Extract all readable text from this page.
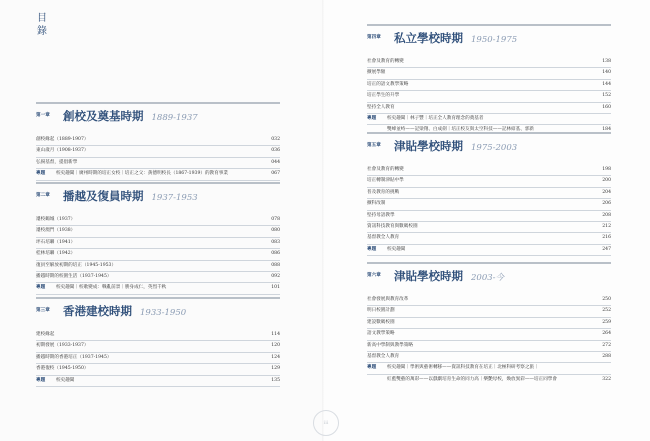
目錄
第一章 創校及奠基時期 1889-1937
創校緣起（1889-1907）	032
東山歲月（1908-1937）	036
弘揚基督，提倡新學	044
專題 校史趣聞｜廣州時期的培正女校｜培正之父：黃德明校長（1867-1939）的教育事業	067
第二章 播越及復員時期 1937-1953
遷校鶴城（1937）	078
遷校澳門（1938）	080
坪石培聯（1941）	083
桂林培聯（1942）	086
復員至解放初期的培正（1945-1953）	088
播越時期的校園生活（1937-1945）	092
專題 校史趣聞｜校歌變成：戰亂前景｜勝身成仁，英烈千秋	101
第三章 香港建校時期 1933-1950
建校緣起	114
初期發展（1933-1937）	120
播越時期的香港培正（1937-1945）	124
香港復校（1945-1950）	129
專題 校史趣聞	135
第四章 私立學校時期 1950-1975
社會及教育的轉變	138
擴展學額	140
培正的語文教學策略	144
培正學生的升學	152
堅持全人教育	160
專題 校史趣聞｜林子豐｜培正全人教育理念的奠基者
雙峰並峙——記梁翔、白成劍｜培正校友與太空科技——記林紹基、郭新	184
第五章 津貼學校時期 1975-2003
社會及教育的轉變	198
培正轉制津貼中學	200
普及教育的挑戰	204
擴科改制	206
堅持母語教學	208
資訊科技教育與數碼校園	212
基督教全人教育	216
專題 校史趣聞	247
第六章 津貼學校時期 2003-今
社會發展與教育改革	250
明日校園計劃	252
建設數碼校園	259
語文教學策略	264
新高中學制與教學策略	272
基督教全人教育	288
專題 校史趣聞｜學術與藝術轉移——資訊科技教育在培正｜北極科研考察之旅｜
紅藍雙藝的萬彩——以戲劇培育生命的同力高｜樂艷母校，煥放異彩——培正同學會	322
iii
